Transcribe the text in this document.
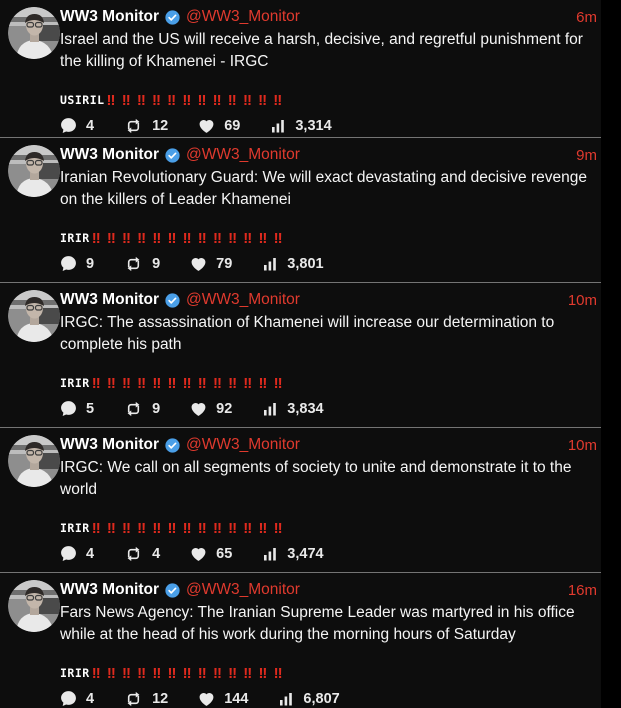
WW3 Monitor @WW3_Monitor	6m

Israel and the US will receive a harsh, decisive, and regretful punishment for the killing of Khamenei - IRGC

USIRIL !! !! !! !! !! !! !! !! !! !! !! !!
4	12	69	3,314
WW3 Monitor @WW3_Monitor	9m

Iranian Revolutionary Guard: We will exact devastating and decisive revenge on the killers of Leader Khamenei

IRIR !! !! !! !! !! !! !! !! !! !! !! !! !!
9	9	79	3,801
WW3 Monitor @WW3_Monitor	10m

IRGC: The assassination of Khamenei will increase our determination to complete his path

IRIR !! !! !! !! !! !! !! !! !! !! !! !! !!
5	9	92	3,834
WW3 Monitor @WW3_Monitor	10m

IRGC: We call on all segments of society to unite and demonstrate it to the world

IRIR !! !! !! !! !! !! !! !! !! !! !! !! !!
4	4	65	3,474
WW3 Monitor @WW3_Monitor	16m

Fars News Agency: The Iranian Supreme Leader was martyred in his office while at the head of his work during the morning hours of Saturday

IRIR !! !! !! !! !! !! !! !! !! !! !! !! !!
4	12	144	6,807
